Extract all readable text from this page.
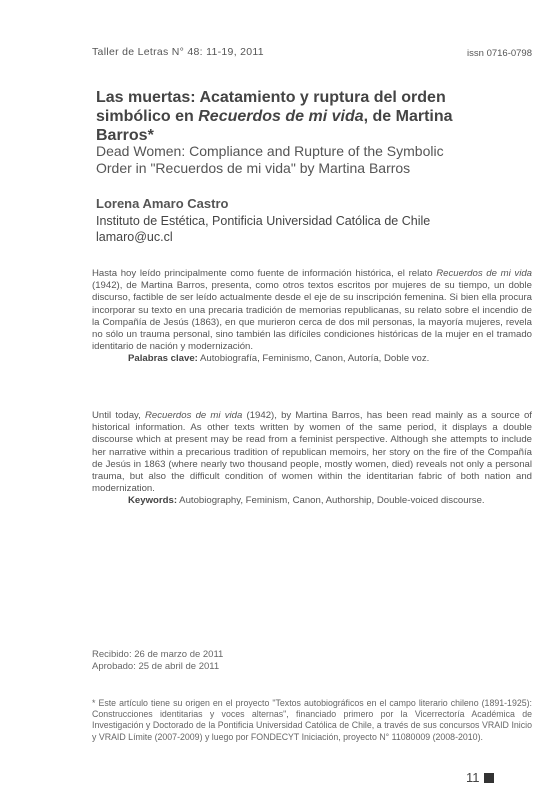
Taller de Letras N° 48: 11-19, 2011	issn 0716-0798
Las muertas: Acatamiento y ruptura del orden
simbólico en Recuerdos de mi vida, de Martina
Barros*
Dead Women: Compliance and Rupture of the Symbolic
Order in "Recuerdos de mi vida" by Martina Barros
Lorena Amaro Castro
Instituto de Estética, Pontificia Universidad Católica de Chile
lamaro@uc.cl

Hasta hoy leído principalmente como fuente de información histórica, el relato Recuerdos de mi vida (1942), de Martina Barros, presenta, como otros textos escritos por mujeres de su tiempo, un doble discurso, factible de ser leído actualmente desde el eje de su inscripción femenina. Si bien ella procura incorporar su texto en una precaria tradición de memorias republicanas, su relato sobre el incendio de la Compañía de Jesús (1863), en que murieron cerca de dos mil personas, la mayoría mujeres, revela no sólo un trauma personal, sino también las difíciles condiciones históricas de la mujer en el tramado identitario de nación y modernización.

Palabras clave: Autobiografía, Feminismo, Canon, Autoría, Doble voz.

Until today, Recuerdos de mi vida (1942), by Martina Barros, has been read mainly as a source of historical information. As other texts written by women of the same period, it displays a double discourse which at present may be read from a feminist perspective. Although she attempts to include her narrative within a precarious tradition of republican memoirs, her story on the fire of the Compañía de Jesús in 1863 (where nearly two thousand people, mostly women, died) reveals not only a personal trauma, but also the difficult condition of women within the identitarian fabric of both nation and modernization.

Keywords: Autobiography, Feminism, Canon, Authorship, Double-voiced discourse.

Recibido: 26 de marzo de 2011
Aprobado: 25 de abril de 2011
* Este artículo tiene su origen en el proyecto "Textos autobiográficos en el campo literario chileno (1891-1925): Construcciones identitarias y voces alternas", financiado primero por la Vicerrectoría Académica de Investigación y Doctorado de la Pontificia Universidad Católica de Chile, a través de sus concursos VRAID Inicio y VRAID Límite (2007-2009) y luego por FONDECYT Iniciación, proyecto N° 11080009 (2008-2010).
11
